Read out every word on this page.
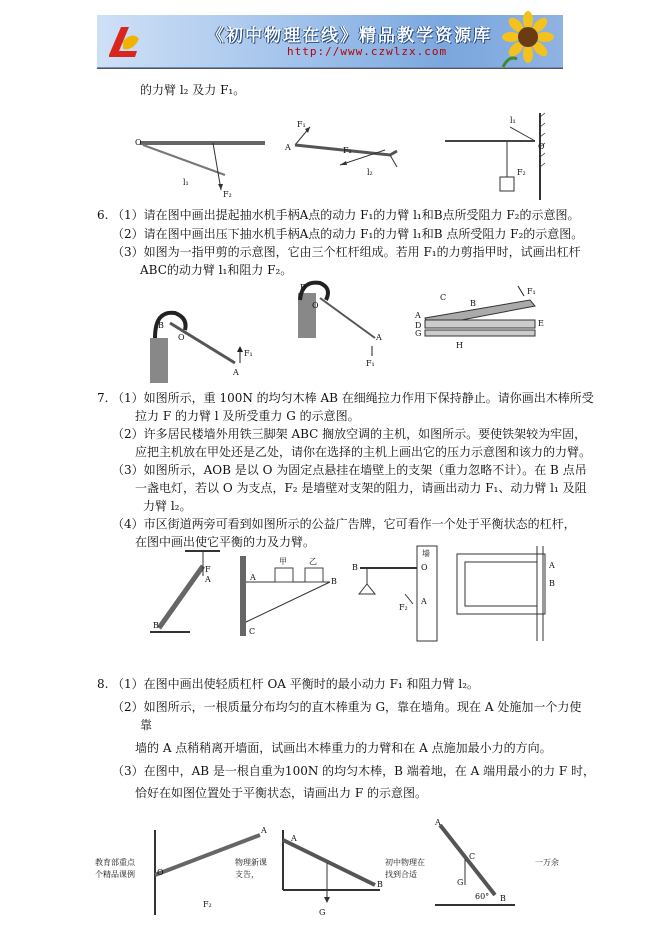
《初中物理在线》精品教学资源库
http://www.czwlzx.com
的力臂 l₂ 及力 F₁。
O
l₁
F₂
F₁
A	F₂
l₂
l₁
O
F₂
6. （1）请在图中画出提起抽水机手柄A点的动力 F₁的力臂 l₁和B点所受阻力 F₂的示意图。
（2）请在图中画出压下抽水机手柄A点的动力 F₁的力臂 l₁和B 点所受阻力 F₂的示意图。
（3）如图为一指甲剪的示意图，它由三个杠杆组成。若用 F₁的力剪指甲时，试画出杠杆
ABC的动力臂 l₁和阻力 F₂。
B
O
A
F₁
B
O
A
F₁
F₁
C
B
A
D
G
E
H
7. （1）如图所示，重 100N 的均匀木棒 AB 在细绳拉力作用下保持静止。请你画出木棒所受
拉力 F 的力臂 l 及所受重力 G 的示意图。
（2）许多居民楼墙外用铁三脚架 ABC 搁放空调的主机，如图所示。要使铁架较为牢固，
应把主机放在甲处还是乙处，请你在选择的主机上画出它的压力示意图和该力的力臂。
（3）如图所示，AOB 是以 O 为固定点悬挂在墙壁上的支架（重力忽略不计）。在 B 点吊
一盏电灯，若以 O 为支点，F₂ 是墙壁对支架的阻力，请画出动力 F₁、动力臂 l₁ 及阻
力臂 l₂。
（4）市区街道两旁可看到如图所示的公益广告牌，它可看作一个处于平衡状态的杠杆，
在图中画出使它平衡的力及力臂。
F
A
B
甲	乙
A	B
C
墙
B	O
A
F₂
A
B
8. （1）在图中画出使轻质杠杆 OA 平衡时的最小动力 F₁ 和阻力臂 l₂。
（2）如图所示，一根质量分布均匀的直木棒重为 G，靠在墙角。现在 A 处施加一个力使
靠
墙的 A 点稍稍离开墙面，试画出木棒重力的力臂和在 A 点施加最小力的方向。
（3）在图中，AB 是一根自重为100N 的均匀木棒，B 端着地，在 A 端用最小的力 F 时，
恰好在如图位置处于平衡状态，请画出力 F 的示意图。
A
O
F₂
教育部重点
个精品课例
A
B
G
物理新课
支告，
初中物理在
找到合适
A
C
G
60° B
一万余
